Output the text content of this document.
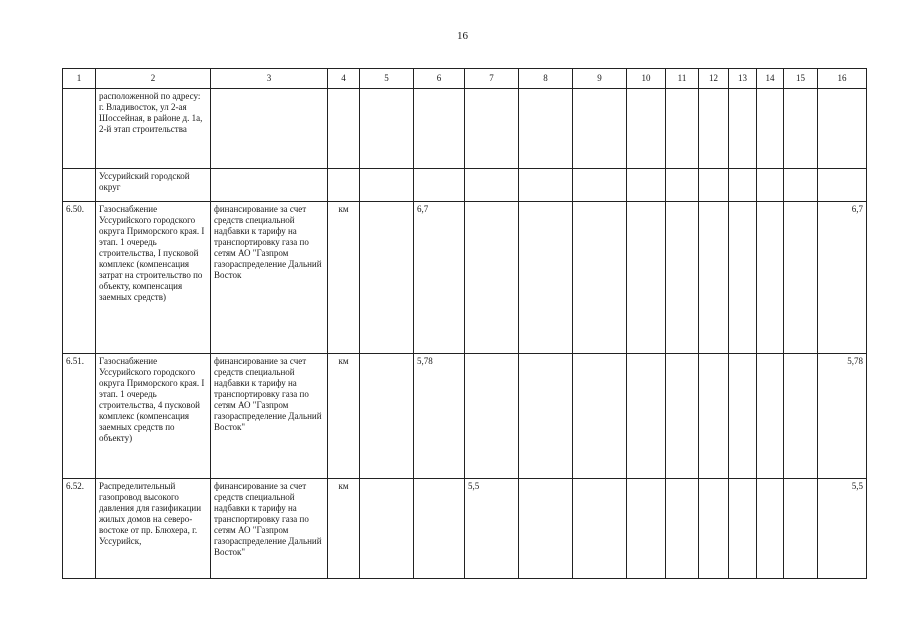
16
1	2	3	4	5	6	7	8	9	10	11	12	13	14	15	16
	расположенной по адресу: г. Владивосток, ул 2-ая Шоссейная, в районе д. 1а, 2-й этап строительства														
	Уссурийский городской округ														
6.50.	Газоснабжение Уссурийского городского округа Приморского края. I этап. 1 очередь строительства, I пусковой комплекс (компенсация затрат на строительство по объекту, компенсация заемных средств)	финансирование за счет средств специальной надбавки к тарифу на транспортировку газа по сетям АО "Газпром газораспределение Дальний Восток	км		6,7										6,7
6.51.	Газоснабжение Уссурийского городского округа Приморского края. I этап. 1 очередь строительства, 4 пусковой комплекс (компенсация заемных средств по объекту)	финансирование за счет средств специальной надбавки к тарифу на транспортировку газа по сетям АО "Газпром газораспределение Дальний Восток"	км		5,78										5,78
6.52.	Распределительный газопровод высокого давления для газификации жилых домов на северо-востоке от пр. Блюхера, г. Уссурийск,	финансирование за счет средств специальной надбавки к тарифу на транспортировку газа по сетям АО "Газпром газораспределение Дальний Восток"	км			5,5									5,5
